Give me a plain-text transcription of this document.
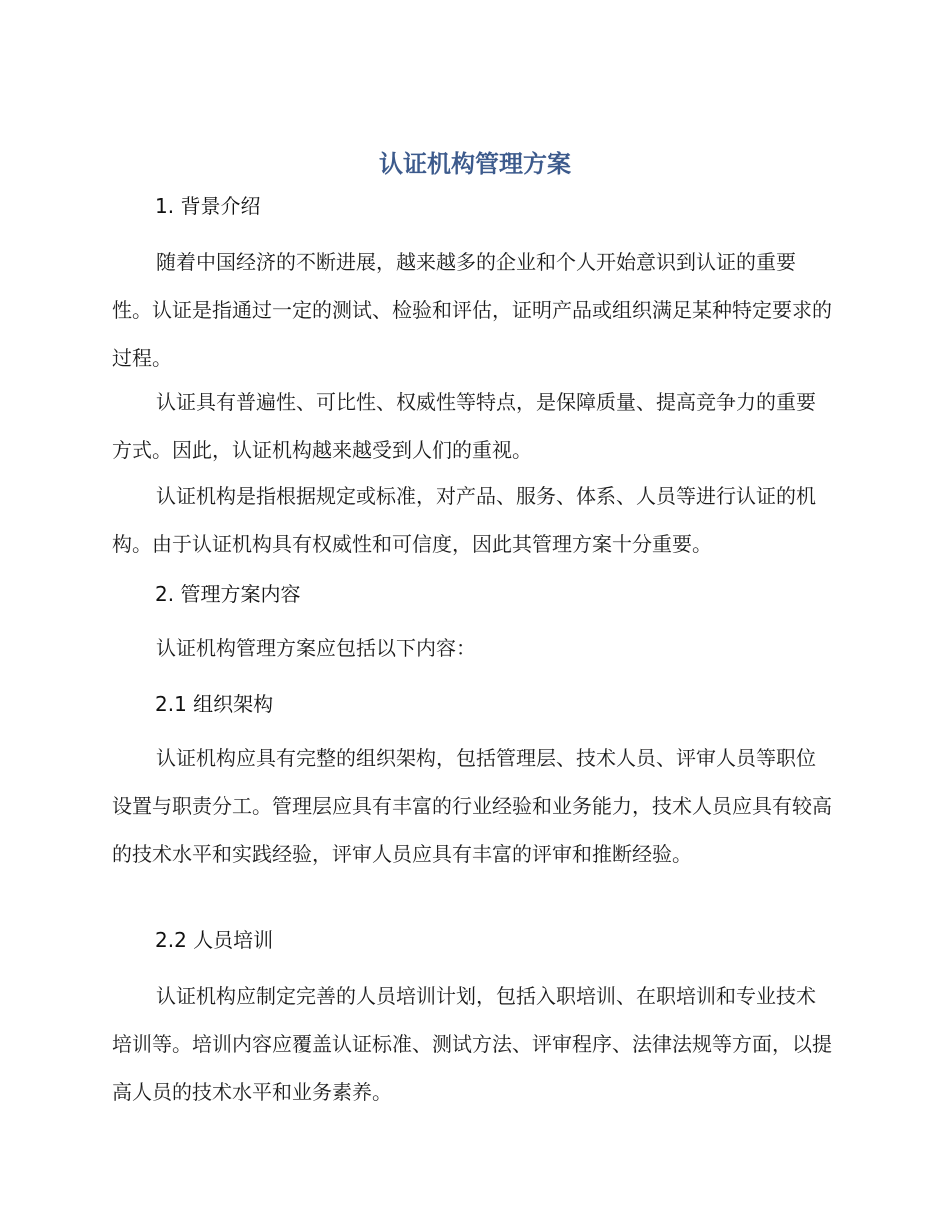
认证机构管理方案
1. 背景介绍

随着中国经济的不断进展，越来越多的企业和个人开始意识到认证的重要性。认证是指通过一定的测试、检验和评估，证明产品或组织满足某种特定要求的过程。

认证具有普遍性、可比性、权威性等特点，是保障质量、提高竞争力的重要方式。因此，认证机构越来越受到人们的重视。

认证机构是指根据规定或标准，对产品、服务、体系、人员等进行认证的机构。由于认证机构具有权威性和可信度，因此其管理方案十分重要。

2. 管理方案内容

认证机构管理方案应包括以下内容：

2.1 组织架构

认证机构应具有完整的组织架构，包括管理层、技术人员、评审人员等职位设置与职责分工。管理层应具有丰富的行业经验和业务能力，技术人员应具有较高的技术水平和实践经验，评审人员应具有丰富的评审和推断经验。

2.2 人员培训

认证机构应制定完善的人员培训计划，包括入职培训、在职培训和专业技术培训等。培训内容应覆盖认证标准、测试方法、评审程序、法律法规等方面，以提高人员的技术水平和业务素养。
